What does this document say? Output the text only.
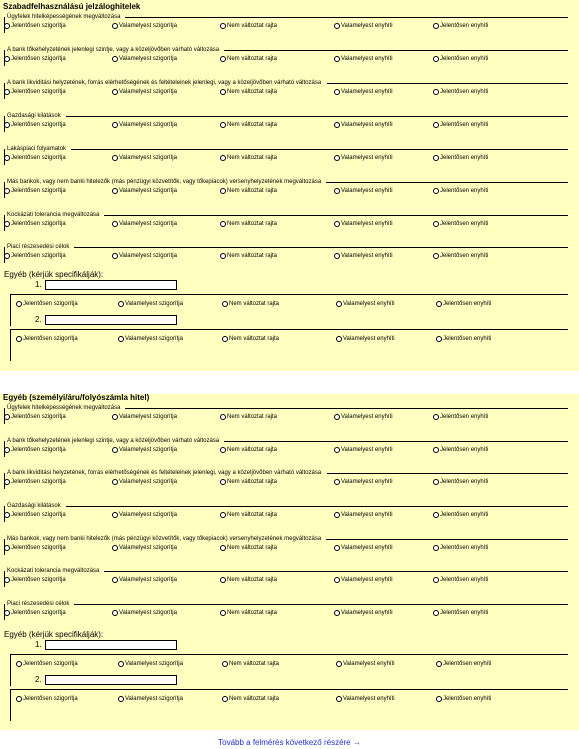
Szabadfelhasználású jelzáloghitelek
Ügyfelek hitelképességének megváltozása
Jelentősen szigorítja	Valamelyest szigorítja	Nem változtat rajta	Valamelyest enyhíti	Jelentősen enyhíti
A bank tőkehelyzetének jelenlegi szintje, vagy a közeljövőben várható változása
Jelentősen szigorítja	Valamelyest szigorítja	Nem változtat rajta	Valamelyest enyhíti	Jelentősen enyhíti
A bank likviditási helyzetének, forrás elérhetőségének és feltételeinek jelenlegi, vagy a közeljövőben várható változása
Jelentősen szigorítja	Valamelyest szigorítja	Nem változtat rajta	Valamelyest enyhíti	Jelentősen enyhíti
Gazdasági kilátások
Jelentősen szigorítja	Valamelyest szigorítja	Nem változtat rajta	Valamelyest enyhíti	Jelentősen enyhíti
Lakáspiaci folyamatok
Jelentősen szigorítja	Valamelyest szigorítja	Nem változtat rajta	Valamelyest enyhíti	Jelentősen enyhíti
Más bankok, vagy nem banki hitelezők (más pénzügyi közvetítők, vagy tőkepiacok) versenyhelyzetének megváltozása
Jelentősen szigorítja	Valamelyest szigorítja	Nem változtat rajta	Valamelyest enyhíti	Jelentősen enyhíti
Kockázati tolerancia megváltozása
Jelentősen szigorítja	Valamelyest szigorítja	Nem változtat rajta	Valamelyest enyhíti	Jelentősen enyhíti
Piaci részesedési célok
Jelentősen szigorítja	Valamelyest szigorítja	Nem változtat rajta	Valamelyest enyhíti	Jelentősen enyhíti
Egyéb (kérjük specifikálják):
1.
Jelentősen szigorítja	Valamelyest szigorítja	Nem változtat rajta	Valamelyest enyhíti	Jelentősen enyhíti
2.
Jelentősen szigorítja	Valamelyest szigorítja	Nem változtat rajta	Valamelyest enyhíti	Jelentősen enyhíti
Egyéb (személyi/áru/folyószámla hitel)
Ügyfelek hitelképességének megváltozása
Jelentősen szigorítja	Valamelyest szigorítja	Nem változtat rajta	Valamelyest enyhíti	Jelentősen enyhíti
A bank tőkehelyzetének jelenlegi szintje, vagy a közeljövőben várható változása
Jelentősen szigorítja	Valamelyest szigorítja	Nem változtat rajta	Valamelyest enyhíti	Jelentősen enyhíti
A bank likviditási helyzetének, forrás elérhetőségének és feltételeinek jelenlegi, vagy a közeljövőben várható változása
Jelentősen szigorítja	Valamelyest szigorítja	Nem változtat rajta	Valamelyest enyhíti	Jelentősen enyhíti
Gazdasági kilátások
Jelentősen szigorítja	Valamelyest szigorítja	Nem változtat rajta	Valamelyest enyhíti	Jelentősen enyhíti
Más bankok, vagy nem banki hitelezők (más pénzügyi közvetítők, vagy tőkepiacok) versenyhelyzetének megváltozása
Jelentősen szigorítja	Valamelyest szigorítja	Nem változtat rajta	Valamelyest enyhíti	Jelentősen enyhíti
Kockázati tolerancia megváltozása
Jelentősen szigorítja	Valamelyest szigorítja	Nem változtat rajta	Valamelyest enyhíti	Jelentősen enyhíti
Piaci részesedési célok
Jelentősen szigorítja	Valamelyest szigorítja	Nem változtat rajta	Valamelyest enyhíti	Jelentősen enyhíti
Egyéb (kérjük specifikálják):
1.
Jelentősen szigorítja	Valamelyest szigorítja	Nem változtat rajta	Valamelyest enyhíti	Jelentősen enyhíti
2.
Jelentősen szigorítja	Valamelyest szigorítja	Nem változtat rajta	Valamelyest enyhíti	Jelentősen enyhíti
Tovább a felmérés következő részére →
